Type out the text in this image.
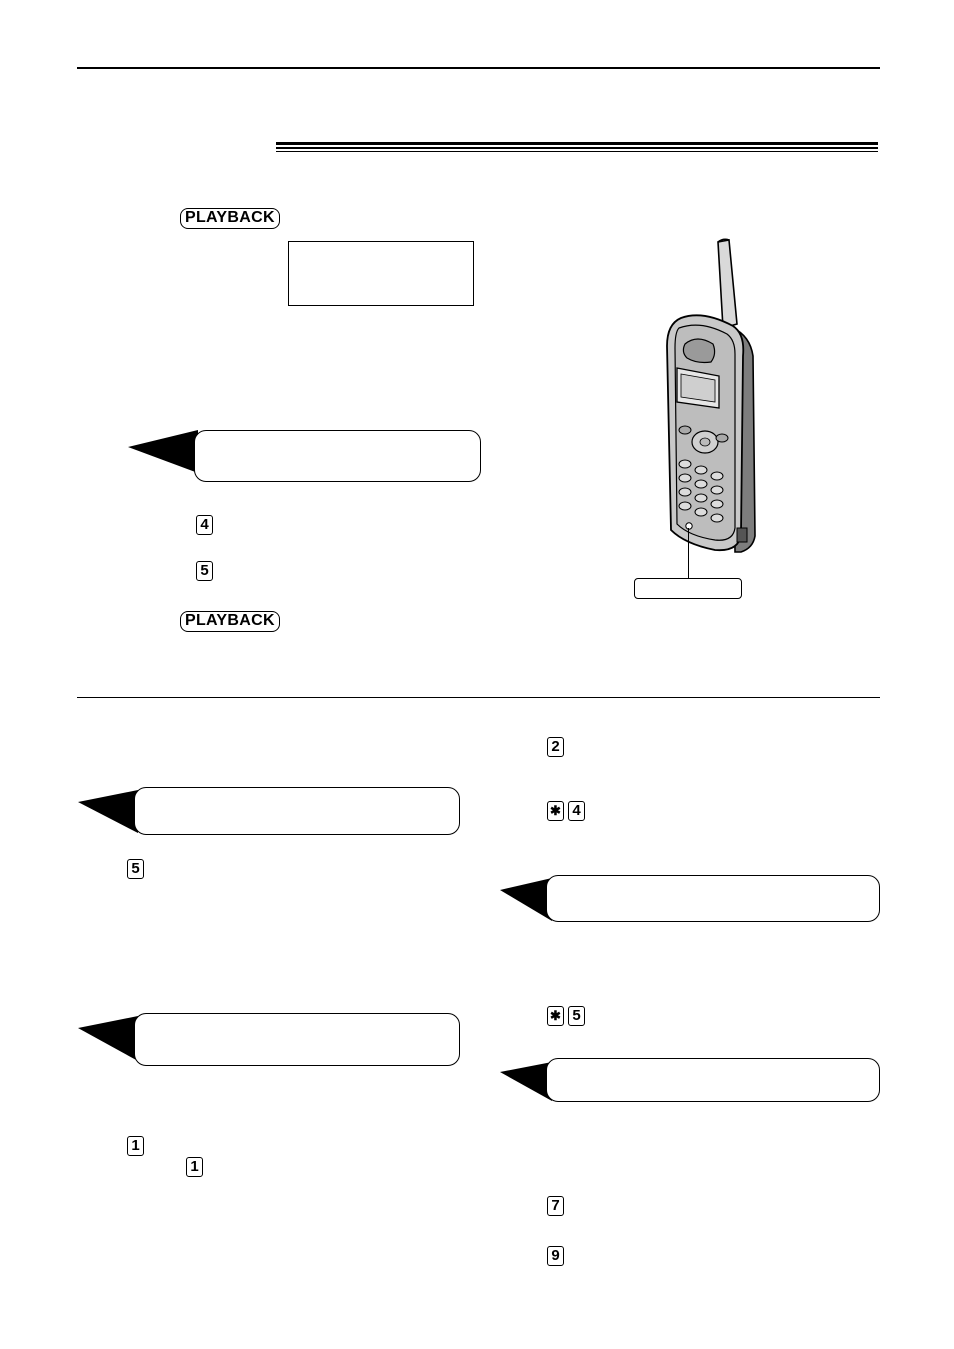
PLAYBACK
4
5
PLAYBACK
5
1
1
2
✱ 4
✱ 5
7
9
